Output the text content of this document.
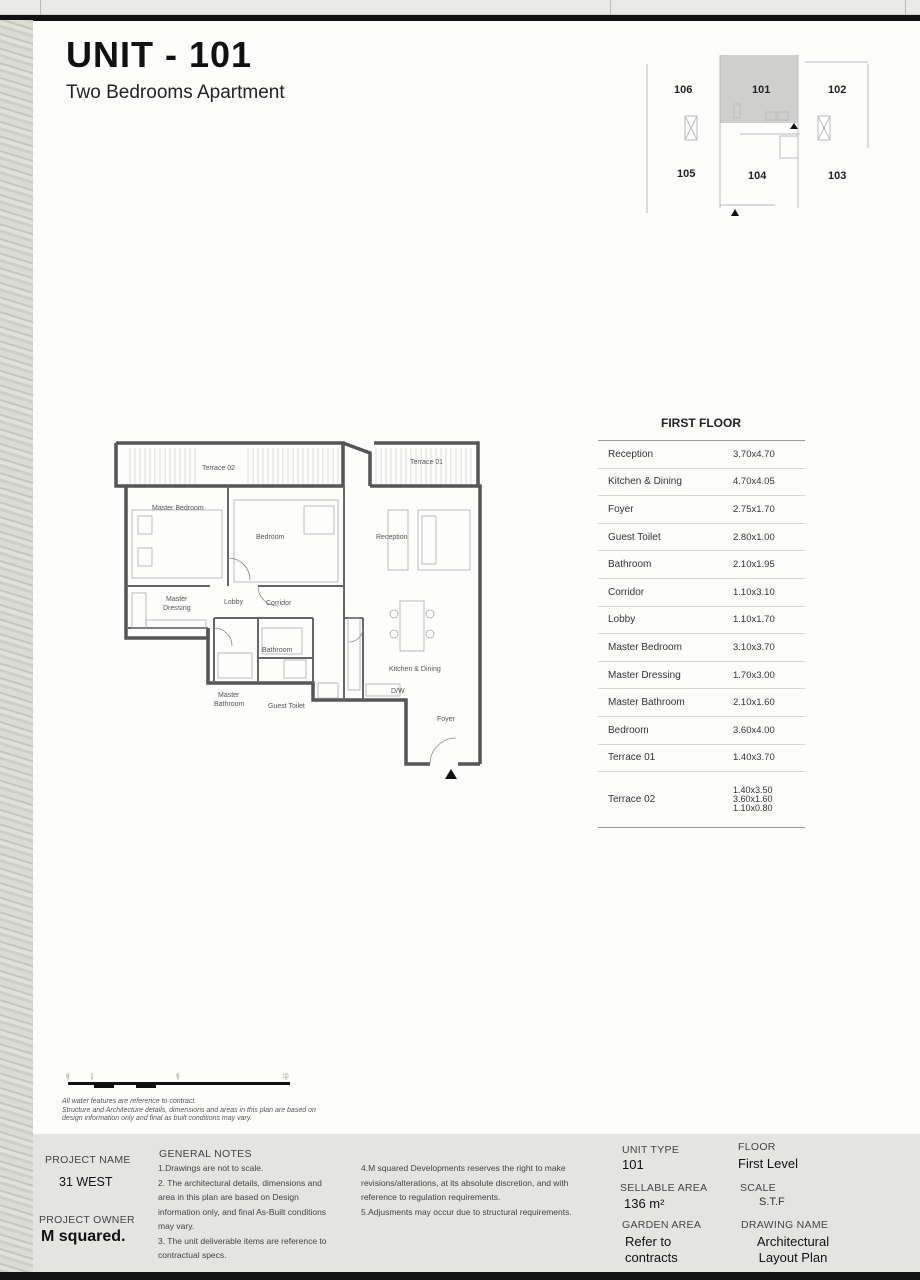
UNIT - 101
Two Bedrooms Apartment	106	101	102
105	104	103
Terrace 02
Terrace 01
Master Bedroom
Bedroom	Reception
Master
Dressing
Lobby	Corridor
Bathroom
Kitchen & Dining
Master
Bathroom	Guest Toilet
Foyer
D/W
FIRST FLOOR
Reception	3.70x4.70
Kitchen & Dining	4.70x4.05
Foyer	2.75x1.70
Guest Toilet	2.80x1.00
Bathroom	2.10x1.95
Corridor	1.10x3.10
Lobby	1.10x1.70
Master Bedroom	3.10x3.70
Master Dressing	1.70x3.00
Master Bathroom	2.10x1.60
Bedroom	3.60x4.00
Terrace 01	1.40x3.70
Terrace 02
1.40x3.50
3.60x1.60
1.10x0.80
0	1	5	10
All water features are reference to contract.
Structure and Architecture details, dimensions and areas in this plan are based on
design information only and final as built conditions may vary.
PROJECT NAME
31 WEST
PROJECT OWNER
M squared.
GENERAL NOTES
1.Drawings are not to scale.
2. The architectural details, dimensions and
area in this plan are based on Design
information only, and final As-Built conditions
may vary.
3. The unit deliverable items are reference to
contractual specs.
4.M squared Developments reserves the right to make
revisions/alterations, at its absolute discretion, and with
reference to regulation requirements.
5.Adjusments may occur due to structural requirements.
UNIT TYPE
101
FLOOR
First Level
SELLABLE AREA
136 m²
SCALE
S.T.F
GARDEN AREA
Refer to
contracts
DRAWING NAME
Architectural
Layout Plan
